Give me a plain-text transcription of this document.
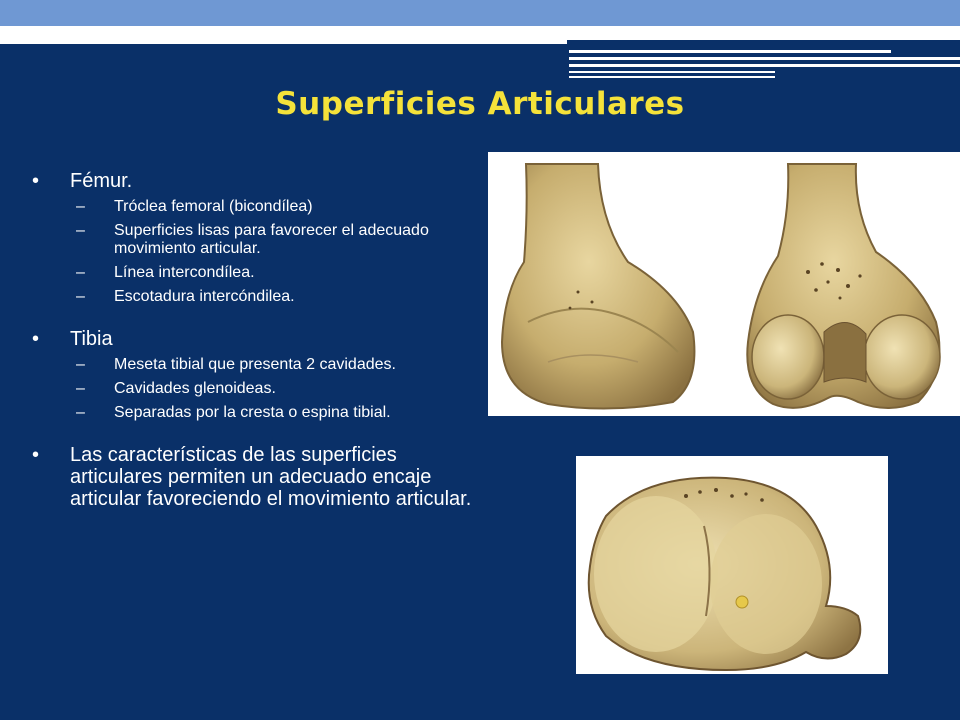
Superficies Articulares
• Fémur.
– Tróclea femoral (bicondílea)
– Superficies lisas para favorecer el adecuado movimiento articular.
– Línea intercondílea.
– Escotadura intercóndilea.
• Tibia
– Meseta tibial que presenta 2 cavidades.
– Cavidades glenoideas.
– Separadas por la cresta o espina tibial.
• Las características de las superficies articulares permiten un adecuado encaje articular favoreciendo el movimiento articular.
